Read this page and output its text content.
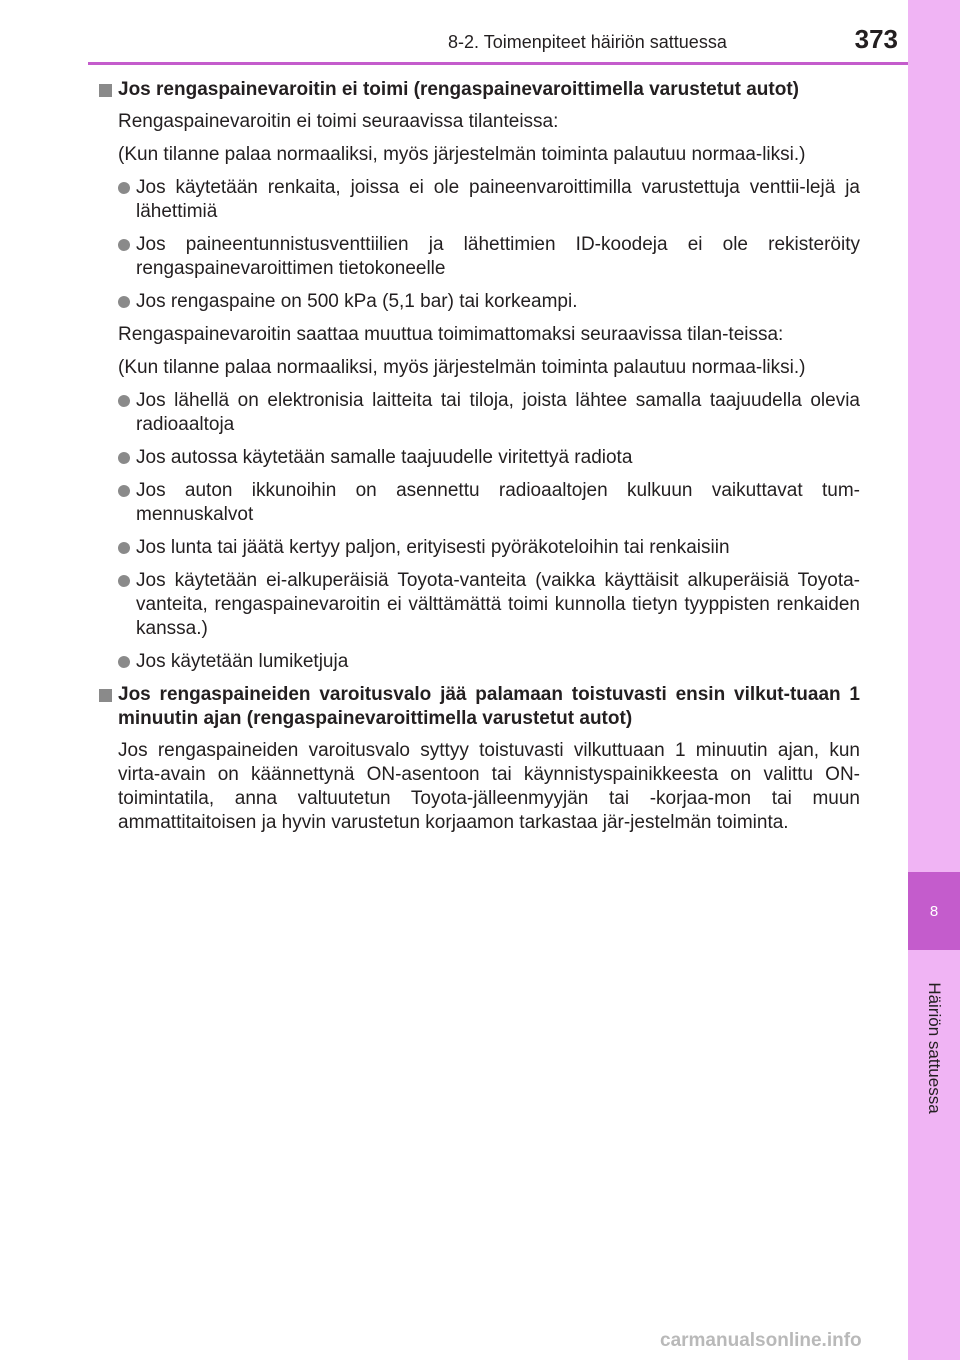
8-2. Toimenpiteet häiriön sattuessa	373
8
Häiriön sattuessa
Jos rengaspainevaroitin ei toimi (rengaspainevaroittimella varustetut autot)
Rengaspainevaroitin ei toimi seuraavissa tilanteissa:
(Kun tilanne palaa normaaliksi, myös järjestelmän toiminta palautuu normaa-liksi.)
Jos käytetään renkaita, joissa ei ole paineenvaroittimilla varustettuja venttii-lejä ja lähettimiä
Jos paineentunnistusventtiilien ja lähettimien ID-koodeja ei ole rekisteröity rengaspainevaroittimen tietokoneelle
Jos rengaspaine on 500 kPa (5,1 bar) tai korkeampi.
Rengaspainevaroitin saattaa muuttua toimimattomaksi seuraavissa tilan-teissa:
(Kun tilanne palaa normaaliksi, myös järjestelmän toiminta palautuu normaa-liksi.)
Jos lähellä on elektronisia laitteita tai tiloja, joista lähtee samalla taajuudella olevia radioaaltoja
Jos autossa käytetään samalle taajuudelle viritettyä radiota
Jos auton ikkunoihin on asennettu radioaaltojen kulkuun vaikuttavat tum-mennuskalvot
Jos lunta tai jäätä kertyy paljon, erityisesti pyöräkoteloihin tai renkaisiin
Jos käytetään ei-alkuperäisiä Toyota-vanteita (vaikka käyttäisit alkuperäisiä Toyota-vanteita, rengaspainevaroitin ei välttämättä toimi kunnolla tietyn tyyppisten renkaiden kanssa.)
Jos käytetään lumiketjuja
Jos rengaspaineiden varoitusvalo jää palamaan toistuvasti ensin vilkut-tuaan 1 minuutin ajan (rengaspainevaroittimella varustetut autot)
Jos rengaspaineiden varoitusvalo syttyy toistuvasti vilkuttuaan 1 minuutin ajan, kun virta-avain on käännettynä ON-asentoon tai käynnistyspainikkeesta on valittu ON-toimintatila, anna valtuutetun Toyota-jälleenmyyjän tai -korjaa-mon tai muun ammattitaitoisen ja hyvin varustetun korjaamon tarkastaa jär-jestelmän toiminta.
carmanualsonline.info
